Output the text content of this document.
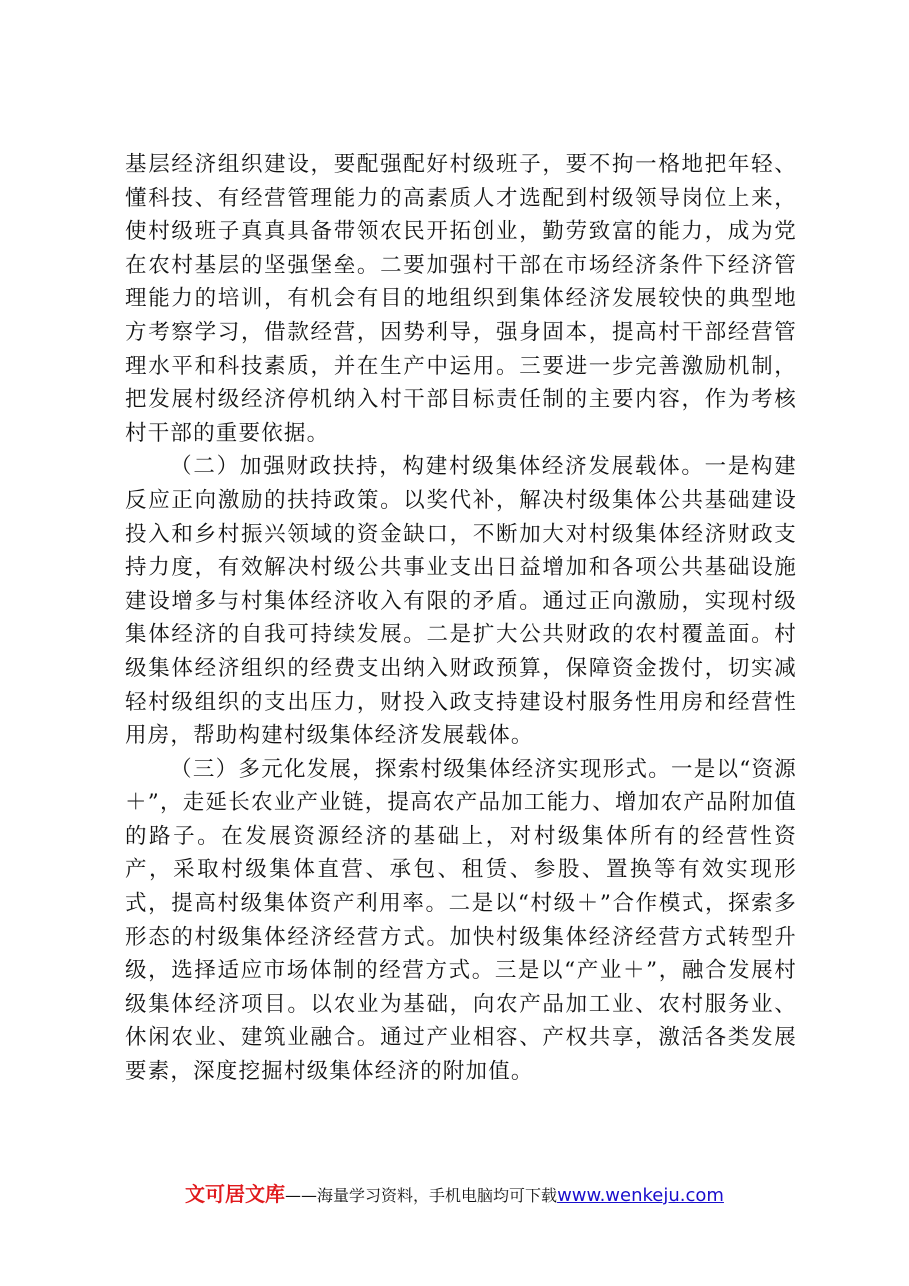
基层经济组织建设，要配强配好村级班子，要不拘一格地把年轻、懂科技、有经营管理能力的高素质人才选配到村级领导岗位上来，使村级班子真真具备带领农民开拓创业，勤劳致富的能力，成为党在农村基层的坚强堡垒。二要加强村干部在市场经济条件下经济管理能力的培训，有机会有目的地组织到集体经济发展较快的典型地方考察学习，借款经营，因势利导，强身固本，提高村干部经营管理水平和科技素质，并在生产中运用。三要进一步完善激励机制，把发展村级经济停机纳入村干部目标责任制的主要内容，作为考核村干部的重要依据。

（二）加强财政扶持，构建村级集体经济发展载体。一是构建反应正向激励的扶持政策。以奖代补，解决村级集体公共基础建设投入和乡村振兴领域的资金缺口，不断加大对村级集体经济财政支持力度，有效解决村级公共事业支出日益增加和各项公共基础设施建设增多与村集体经济收入有限的矛盾。通过正向激励，实现村级集体经济的自我可持续发展。二是扩大公共财政的农村覆盖面。村级集体经济组织的经费支出纳入财政预算，保障资金拨付，切实减轻村级组织的支出压力，财投入政支持建设村服务性用房和经营性用房，帮助构建村级集体经济发展载体。

（三）多元化发展，探索村级集体经济实现形式。一是以“资源＋”，走延长农业产业链，提高农产品加工能力、增加农产品附加值的路子。在发展资源经济的基础上，对村级集体所有的经营性资产，采取村级集体直营、承包、租赁、参股、置换等有效实现形式，提高村级集体资产利用率。二是以“村级＋”合作模式，探索多形态的村级集体经济经营方式。加快村级集体经济经营方式转型升级，选择适应市场体制的经营方式。三是以“产业＋”，融合发展村级集体经济项目。以农业为基础，向农产品加工业、农村服务业、休闲农业、建筑业融合。通过产业相容、产权共享，激活各类发展要素，深度挖掘村级集体经济的附加值。

文可居文库——海量学习资料，手机电脑均可下载www.wenkeju.com
